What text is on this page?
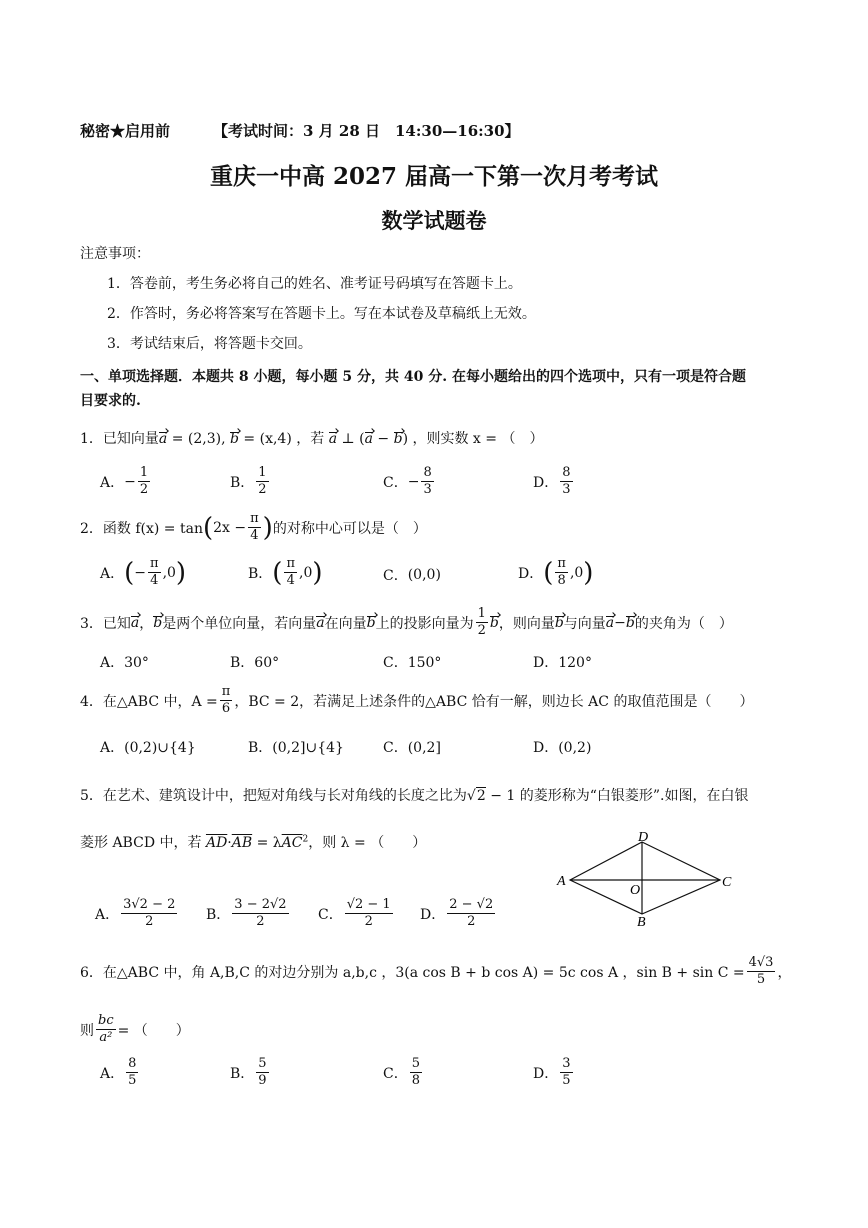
秘密★启用前	【考试时间：3 月 28 日　14:30—16:30】
重庆一中高 2027 届高一下第一次月考考试
数学试题卷
注意事项：
1．答卷前，考生务必将自己的姓名、准考证号码填写在答题卡上。
2．作答时，务必将答案写在答题卡上。写在本试卷及草稿纸上无效。
3．考试结束后，将答题卡交回。
一、单项选择题．本题共 8 小题，每小题 5 分，共 40 分. 在每小题给出的四个选项中，只有一项是符合题
目要求的.
1．已知向量a = (2,3), b = (x,4) ，若 a ⊥ (a − b) ，则实数 x = （　）
A． − $\frac{1}{2}$	B． $\frac{1}{2}$	C． − $\frac{8}{3}$	D． $\frac{8}{3}$
2．函数 f(x) = tan ( $2x - \frac{\pi}{4}$ ) 的对称中心可以是（　）
A． ( − $\frac{\pi}{4} ,0$ )	B． ( $\frac{\pi}{4} ,0$ )	C． (0,0)	D． ( $\frac{\pi}{8} ,0$ )
3．已知 a ， b 是两个单位向量，若向量 a 在向量 b 上的投影向量为 $\frac{1}{2}$ b ，则向量 b 与向量 a − b 的夹角为（　）
A．30°	B．60°	C．150°	D．120°
4．在△ABC 中，$A = \frac{\pi}{6}$ ，BC = 2，若满足上述条件的△ABC 恰有一解，则边长 AC 的取值范围是（　　）
A．(0,2)∪{4}	B．(0,2]∪{4}	C．(0,2]	D．(0,2)
5．在艺术、建筑设计中，把短对角线与长对角线的长度之比为√2 − 1 的菱形称为“白银菱形”.如图，在白银
菱形 ABCD 中，若 $\overline{AD}\cdot\overline{AB} = \lambda\overline{AC}^2$，则 λ = （　　）
A
D
C
B
O
A． $\frac{3√2 - 2}{2}$ B． $\frac{3 - 2√2}{2}$ C． $\frac{√2 - 1}{2}$ D． $\frac{2 - √2}{2}$
6．在△ABC 中，角 A,B,C 的对边分别为 a,b,c ，3(a cos B + b cos A) = 5c cos A ，$\sin B + \sin C = \frac{4√3}{5}$ ，
则 $\frac{bc}{\text{a²}}$ = （　　）
A． $\frac{8}{5}$	B． $\frac{5}{9}$	C． $\frac{5}{8}$	D． $\frac{3}{5}$
